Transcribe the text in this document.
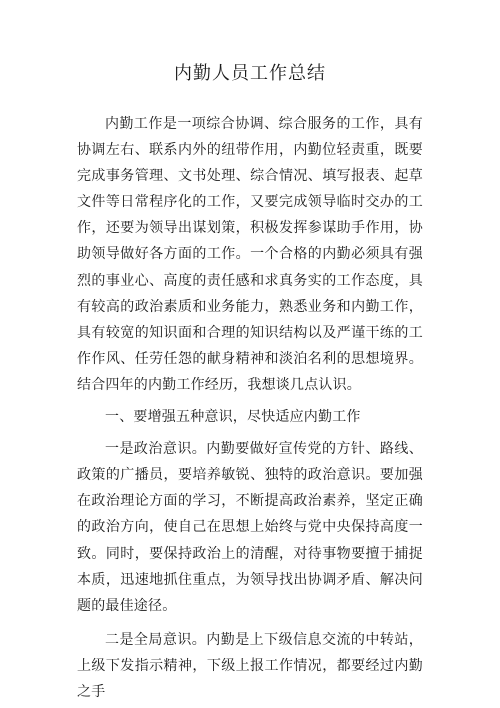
内勤人员工作总结

内勤工作是一项综合协调、综合服务的工作，具有协调左右、联系内外的纽带作用，内勤位轻责重，既要完成事务管理、文书处理、综合情况、填写报表、起草文件等日常程序化的工作，又要完成领导临时交办的工作，还要为领导出谋划策，积极发挥参谋助手作用，协助领导做好各方面的工作。一个合格的内勤必须具有强烈的事业心、高度的责任感和求真务实的工作态度，具有较高的政治素质和业务能力，熟悉业务和内勤工作，具有较宽的知识面和合理的知识结构以及严谨干练的工作作风、任劳任怨的献身精神和淡泊名利的思想境界。结合四年的内勤工作经历，我想谈几点认识。

一、要增强五种意识，尽快适应内勤工作

一是政治意识。内勤要做好宣传党的方针、路线、政策的广播员，要培养敏锐、独特的政治意识。要加强在政治理论方面的学习，不断提高政治素养，坚定正确的政治方向，使自己在思想上始终与党中央保持高度一致。同时，要保持政治上的清醒，对待事物要擅于捕捉本质，迅速地抓住重点，为领导找出协调矛盾、解决问题的最佳途径。

二是全局意识。内勤是上下级信息交流的中转站，上级下发指示精神，下级上报工作情况，都要经过内勤之手
